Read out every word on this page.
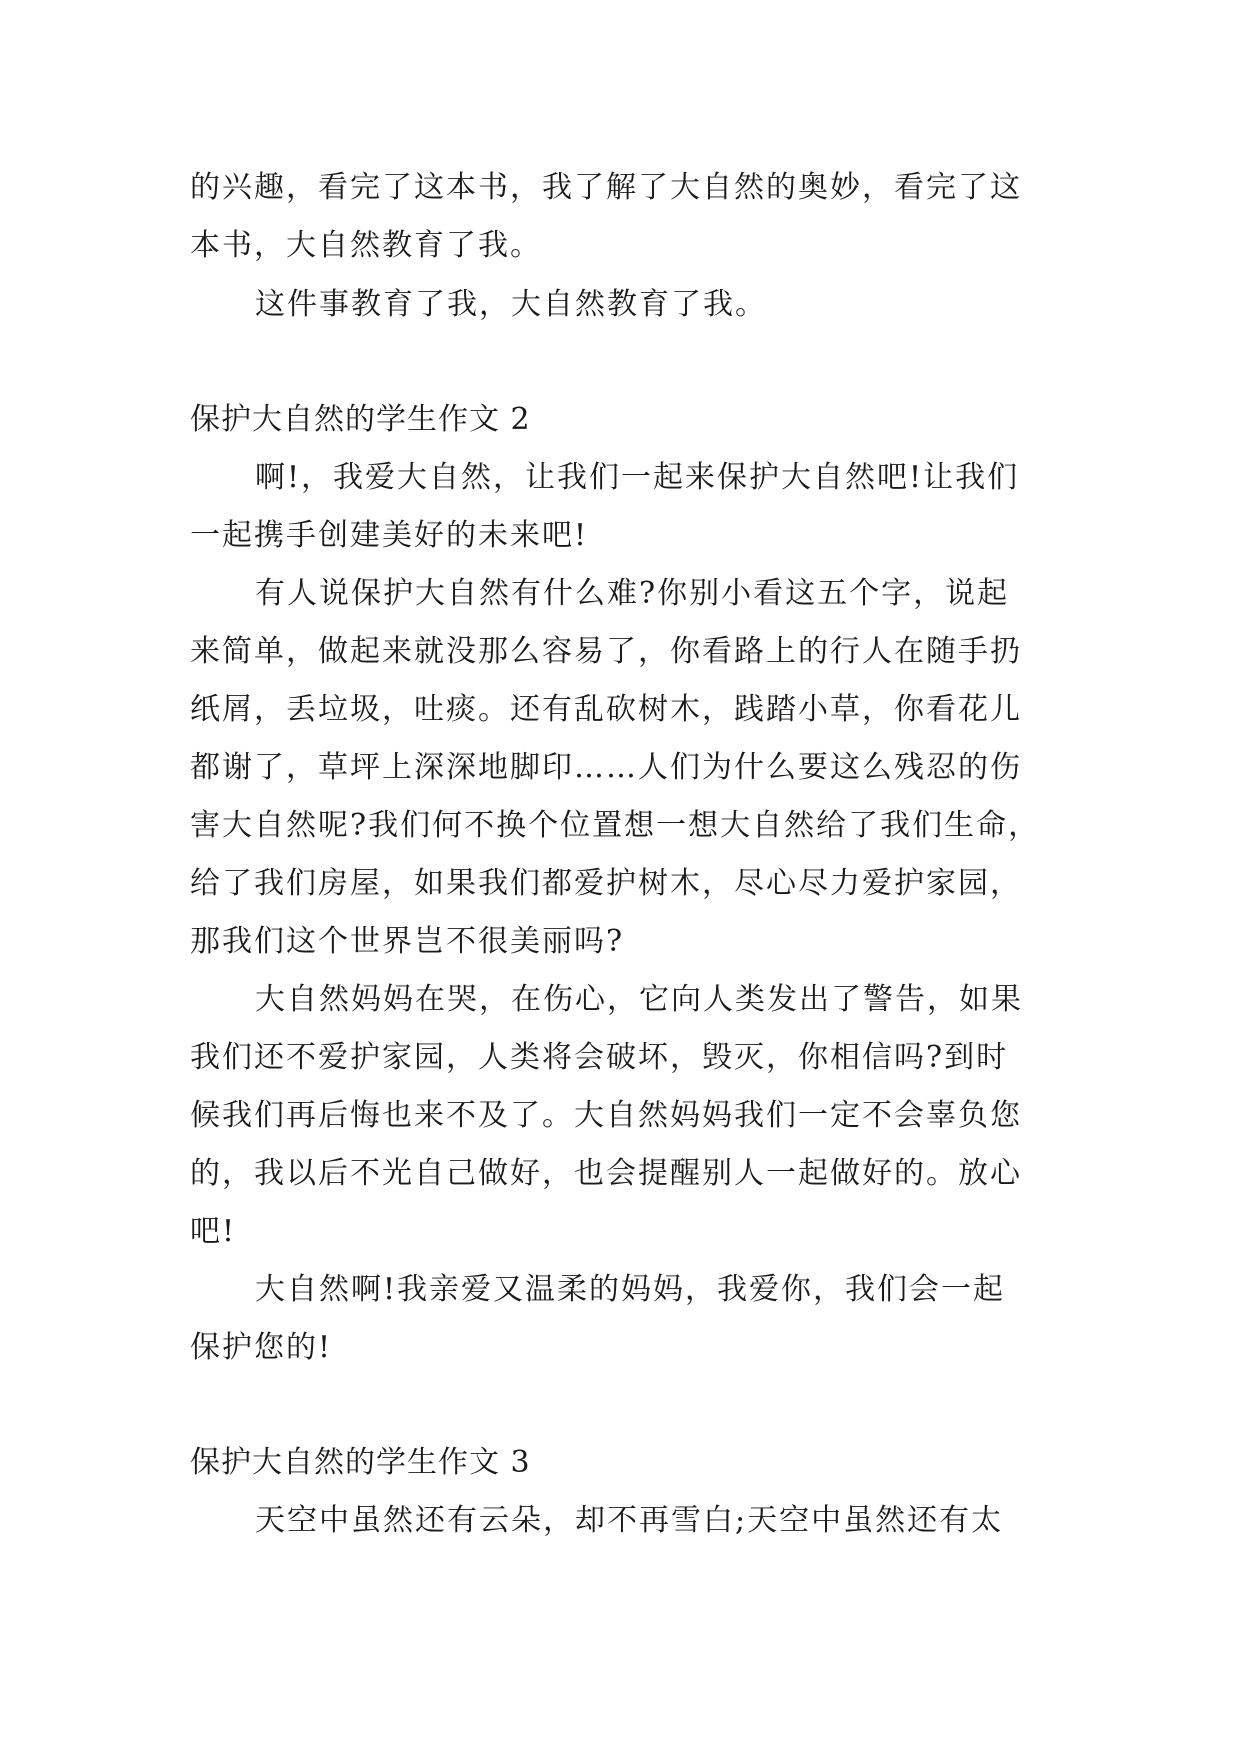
的兴趣，看完了这本书，我了解了大自然的奥妙，看完了这
本书，大自然教育了我。
这件事教育了我，大自然教育了我。
保护大自然的学生作文 2
啊!，我爱大自然，让我们一起来保护大自然吧!让我们
一起携手创建美好的未来吧!
有人说保护大自然有什么难?你别小看这五个字，说起
来简单，做起来就没那么容易了，你看路上的行人在随手扔
纸屑，丢垃圾，吐痰。还有乱砍树木，践踏小草，你看花儿
都谢了，草坪上深深地脚印……人们为什么要这么残忍的伤
害大自然呢?我们何不换个位置想一想大自然给了我们生命，
给了我们房屋，如果我们都爱护树木，尽心尽力爱护家园，
那我们这个世界岂不很美丽吗?
大自然妈妈在哭，在伤心，它向人类发出了警告，如果
我们还不爱护家园，人类将会破坏，毁灭，你相信吗?到时
候我们再后悔也来不及了。大自然妈妈我们一定不会辜负您
的，我以后不光自己做好，也会提醒别人一起做好的。放心
吧!
大自然啊!我亲爱又温柔的妈妈，我爱你，我们会一起
保护您的!
保护大自然的学生作文 3
天空中虽然还有云朵，却不再雪白;天空中虽然还有太
